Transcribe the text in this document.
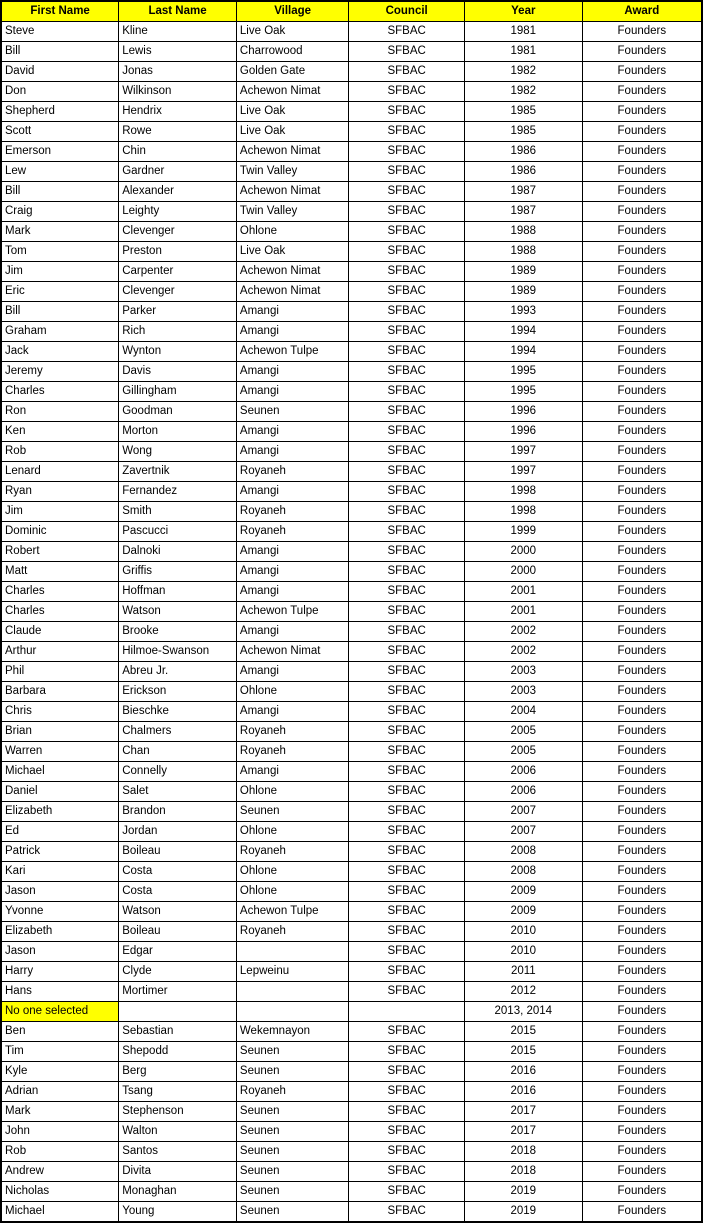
First Name	Last Name	Village	Council	Year	Award
Steve	Kline	Live Oak	SFBAC	1981	Founders
Bill	Lewis	Charrowood	SFBAC	1981	Founders
David	Jonas	Golden Gate	SFBAC	1982	Founders
Don	Wilkinson	Achewon Nimat	SFBAC	1982	Founders
Shepherd	Hendrix	Live Oak	SFBAC	1985	Founders
Scott	Rowe	Live Oak	SFBAC	1985	Founders
Emerson	Chin	Achewon Nimat	SFBAC	1986	Founders
Lew	Gardner	Twin Valley	SFBAC	1986	Founders
Bill	Alexander	Achewon Nimat	SFBAC	1987	Founders
Craig	Leighty	Twin Valley	SFBAC	1987	Founders
Mark	Clevenger	Ohlone	SFBAC	1988	Founders
Tom	Preston	Live Oak	SFBAC	1988	Founders
Jim	Carpenter	Achewon Nimat	SFBAC	1989	Founders
Eric	Clevenger	Achewon Nimat	SFBAC	1989	Founders
Bill	Parker	Amangi	SFBAC	1993	Founders
Graham	Rich	Amangi	SFBAC	1994	Founders
Jack	Wynton	Achewon Tulpe	SFBAC	1994	Founders
Jeremy	Davis	Amangi	SFBAC	1995	Founders
Charles	Gillingham	Amangi	SFBAC	1995	Founders
Ron	Goodman	Seunen	SFBAC	1996	Founders
Ken	Morton	Amangi	SFBAC	1996	Founders
Rob	Wong	Amangi	SFBAC	1997	Founders
Lenard	Zavertnik	Royaneh	SFBAC	1997	Founders
Ryan	Fernandez	Amangi	SFBAC	1998	Founders
Jim	Smith	Royaneh	SFBAC	1998	Founders
Dominic	Pascucci	Royaneh	SFBAC	1999	Founders
Robert	Dalnoki	Amangi	SFBAC	2000	Founders
Matt	Griffis	Amangi	SFBAC	2000	Founders
Charles	Hoffman	Amangi	SFBAC	2001	Founders
Charles	Watson	Achewon Tulpe	SFBAC	2001	Founders
Claude	Brooke	Amangi	SFBAC	2002	Founders
Arthur	Hilmoe-Swanson	Achewon Nimat	SFBAC	2002	Founders
Phil	Abreu Jr.	Amangi	SFBAC	2003	Founders
Barbara	Erickson	Ohlone	SFBAC	2003	Founders
Chris	Bieschke	Amangi	SFBAC	2004	Founders
Brian	Chalmers	Royaneh	SFBAC	2005	Founders
Warren	Chan	Royaneh	SFBAC	2005	Founders
Michael	Connelly	Amangi	SFBAC	2006	Founders
Daniel	Salet	Ohlone	SFBAC	2006	Founders
Elizabeth	Brandon	Seunen	SFBAC	2007	Founders
Ed	Jordan	Ohlone	SFBAC	2007	Founders
Patrick	Boileau	Royaneh	SFBAC	2008	Founders
Kari	Costa	Ohlone	SFBAC	2008	Founders
Jason	Costa	Ohlone	SFBAC	2009	Founders
Yvonne	Watson	Achewon Tulpe	SFBAC	2009	Founders
Elizabeth	Boileau	Royaneh	SFBAC	2010	Founders
Jason	Edgar		SFBAC	2010	Founders
Harry	Clyde	Lepweinu	SFBAC	2011	Founders
Hans	Mortimer		SFBAC	2012	Founders
No one selected				2013, 2014	Founders
Ben	Sebastian	Wekemnayon	SFBAC	2015	Founders
Tim	Shepodd	Seunen	SFBAC	2015	Founders
Kyle	Berg	Seunen	SFBAC	2016	Founders
Adrian	Tsang	Royaneh	SFBAC	2016	Founders
Mark	Stephenson	Seunen	SFBAC	2017	Founders
John	Walton	Seunen	SFBAC	2017	Founders
Rob	Santos	Seunen	SFBAC	2018	Founders
Andrew	Divita	Seunen	SFBAC	2018	Founders
Nicholas	Monaghan	Seunen	SFBAC	2019	Founders
Michael	Young	Seunen	SFBAC	2019	Founders
